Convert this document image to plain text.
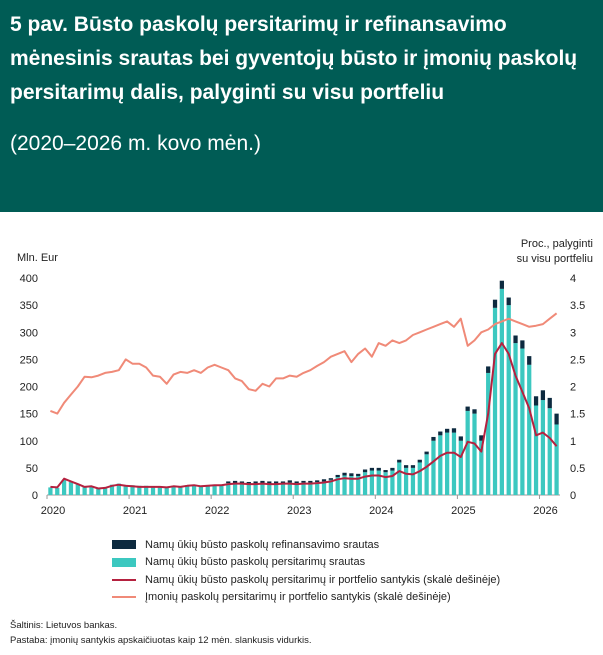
5 pav. Būsto paskolų persitarimų ir refinansavimo mėnesinis srautas bei gyventojų būsto ir įmonių paskolų persitarimų dalis, palyginti su visu portfeliu
(2020–2026 m. kovo mėn.)
Mln. Eur
Proc., palyginti
su visu portfeliu
0
50
100
150
200
250
300
350
400
0
0.5
1
1.5
2
2.5
3
3.5
4
2020	2021	2022	2023	2024	2025	2026
Namų ūkių būsto paskolų refinansavimo srautas
Namų ūkių būsto paskolų persitarimų srautas
Namų ūkių būsto paskolų persitarimų ir portfelio santykis (skalė dešinėje)
Įmonių paskolų persitarimų ir portfelio santykis (skalė dešinėje)
Šaltinis: Lietuvos bankas.
Pastaba: įmonių santykis apskaičiuotas kaip 12 mėn. slankusis vidurkis.
